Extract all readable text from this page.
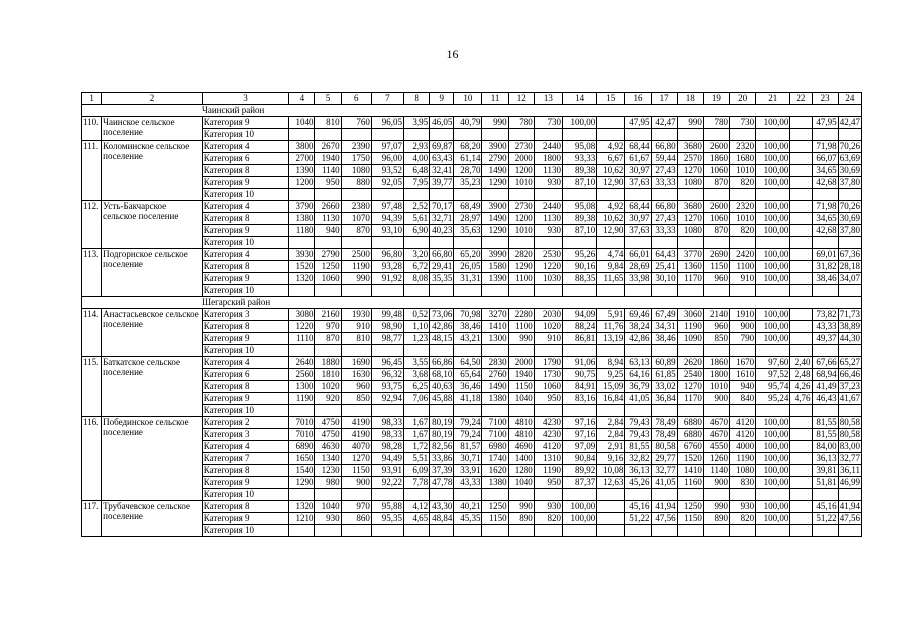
16
1	2	3	4	5	6	7	8	9	10	11	12	13	14	15	16	17	18	19	20	21	22	23	24
Чаинский район																							
110.	Чаинское сельское поселение	Категория 9	1040	810	760	96,05	3,95	46,05	40,79	990	780	730	100,00		47,95	42,47	990	780	730	100,00		47,95	42,47
		Категория 10																					
111.	Коломинское сельское поселение	Категория 4	3800	2670	2390	97,07	2,93	69,87	68,20	3900	2730	2440	95,08	4,92	68,44	66,80	3680	2600	2320	100,00		71,98	70,26
		Категория 6	2700	1940	1750	96,00	4,00	63,43	61,14	2790	2000	1800	93,33	6,67	61,67	59,44	2570	1860	1680	100,00		66,07	63,69
		Категория 8	1390	1140	1080	93,52	6,48	32,41	28,70	1490	1200	1130	89,38	10,62	30,97	27,43	1270	1060	1010	100,00		34,65	30,69
		Категория 9	1200	950	880	92,05	7,95	39,77	35,23	1290	1010	930	87,10	12,90	37,63	33,33	1080	870	820	100,00		42,68	37,80
		Категория 10																					
112.	Усть-Бакчарское сельское поселение	Категория 4	3790	2660	2380	97,48	2,52	70,17	68,49	3900	2730	2440	95,08	4,92	68,44	66,80	3680	2600	2320	100,00		71,98	70,26
		Категория 8	1380	1130	1070	94,39	5,61	32,71	28,97	1490	1200	1130	89,38	10,62	30,97	27,43	1270	1060	1010	100,00		34,65	30,69
		Категория 9	1180	940	870	93,10	6,90	40,23	35,63	1290	1010	930	87,10	12,90	37,63	33,33	1080	870	820	100,00		42,68	37,80
		Категория 10																					
113.	Подгорнское сельское поселение	Категория 4	3930	2790	2500	96,80	3,20	66,80	65,20	3990	2820	2530	95,26	4,74	66,01	64,43	3770	2690	2420	100,00		69,01	67,36
		Категория 8	1520	1250	1190	93,28	6,72	29,41	26,05	1580	1290	1220	90,16	9,84	28,69	25,41	1360	1150	1100	100,00		31,82	28,18
		Категория 9	1320	1060	990	91,92	8,08	35,35	31,31	1390	1100	1030	88,35	11,65	33,98	30,10	1170	960	910	100,00		38,46	34,07
		Категория 10																					
Шегарский район																							
114.	Анастасьевское сельское поселение	Категория 3	3080	2160	1930	99,48	0,52	73,06	70,98	3270	2280	2030	94,09	5,91	69,46	67,49	3060	2140	1910	100,00		73,82	71,73
		Категория 8	1220	970	910	98,90	1,10	42,86	38,46	1410	1100	1020	88,24	11,76	38,24	34,31	1190	960	900	100,00		43,33	38,89
		Категория 9	1110	870	810	98,77	1,23	48,15	43,21	1300	990	910	86,81	13,19	42,86	38,46	1090	850	790	100,00		49,37	44,30
		Категория 10																					
115.	Баткатское сельское поселение	Категория 4	2640	1880	1690	96,45	3,55	66,86	64,50	2830	2000	1790	91,06	8,94	63,13	60,89	2620	1860	1670	97,60	2,40	67,66	65,27
		Категория 6	2560	1810	1630	96,32	3,68	68,10	65,64	2760	1940	1730	90,75	9,25	64,16	61,85	2540	1800	1610	97,52	2,48	68,94	66,46
		Категория 8	1300	1020	960	93,75	6,25	40,63	36,46	1490	1150	1060	84,91	15,09	36,79	33,02	1270	1010	940	95,74	4,26	41,49	37,23
		Категория 9	1190	920	850	92,94	7,06	45,88	41,18	1380	1040	950	83,16	16,84	41,05	36,84	1170	900	840	95,24	4,76	46,43	41,67
		Категория 10																					
116.	Побединское сельское поселение	Категория 2	7010	4750	4190	98,33	1,67	80,19	79,24	7100	4810	4230	97,16	2,84	79,43	78,49	6880	4670	4120	100,00		81,55	80,58
		Категория 3	7010	4750	4190	98,33	1,67	80,19	79,24	7100	4810	4230	97,16	2,84	79,43	78,49	6880	4670	4120	100,00		81,55	80,58
		Категория 4	6890	4630	4070	98,28	1,72	82,56	81,57	6980	4690	4120	97,09	2,91	81,55	80,58	6760	4550	4000	100,00		84,00	83,00
		Категория 7	1650	1340	1270	94,49	5,51	33,86	30,71	1740	1400	1310	90,84	9,16	32,82	29,77	1520	1260	1190	100,00		36,13	32,77
		Категория 8	1540	1230	1150	93,91	6,09	37,39	33,91	1620	1280	1190	89,92	10,08	36,13	32,77	1410	1140	1080	100,00		39,81	36,11
		Категория 9	1290	980	900	92,22	7,78	47,78	43,33	1380	1040	950	87,37	12,63	45,26	41,05	1160	900	830	100,00		51,81	46,99
		Категория 10																					
117.	Трубачевское сельское поселение	Категория 8	1320	1040	970	95,88	4,12	43,30	40,21	1250	990	930	100,00		45,16	41,94	1250	990	930	100,00		45,16	41,94
		Категория 9	1210	930	860	95,35	4,65	48,84	45,35	1150	890	820	100,00		51,22	47,56	1150	890	820	100,00		51,22	47,56
		Категория 10																					
